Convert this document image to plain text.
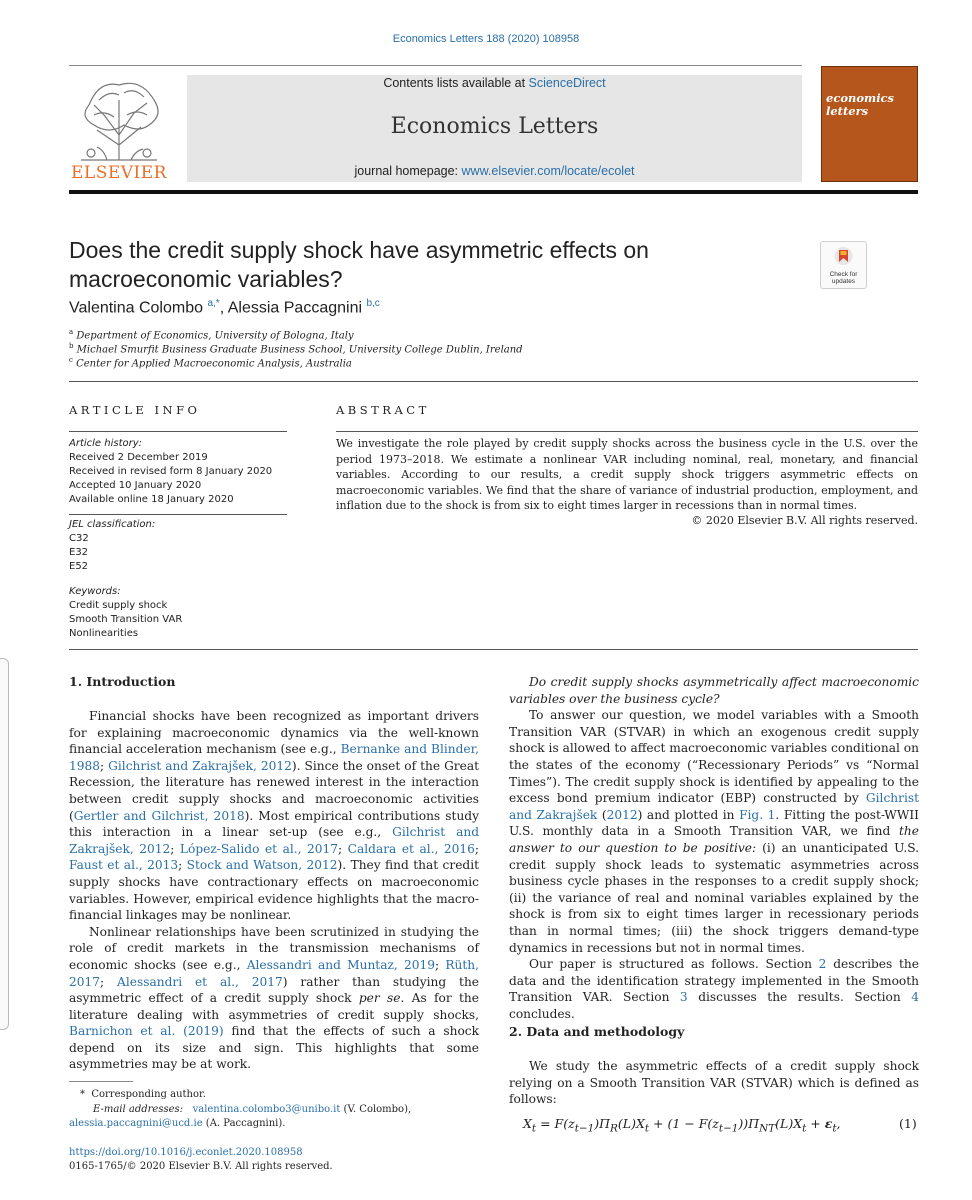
Economics Letters 188 (2020) 108958
ELSEVIER
Contents lists available at ScienceDirect
Economics Letters
journal homepage: www.elsevier.com/locate/ecolet
economics
letters
Does the credit supply shock have asymmetric effects on
macroeconomic variables?	Check for
updates
Valentina Colombo $^{a,*}$, Alessia Paccagnini $^{b,c}$
$^a$ Department of Economics, University of Bologna, Italy
$^b$ Michael Smurfit Business Graduate Business School, University College Dublin, Ireland
$^c$ Center for Applied Macroeconomic Analysis, Australia
ARTICLE INFO
Article history:
Received 2 December 2019
Received in revised form 8 January 2020
Accepted 10 January 2020
Available online 18 January 2020
JEL classification:
C32
E32
E52
Keywords:
Credit supply shock
Smooth Transition VAR
Nonlinearities
ABSTRACT
We investigate the role played by credit supply shocks across the business cycle in the U.S. over the period 1973–2018. We estimate a nonlinear VAR including nominal, real, monetary, and financial variables. According to our results, a credit supply shock triggers asymmetric effects on macroeconomic variables. We find that the share of variance of industrial production, employment, and inflation due to the shock is from six to eight times larger in recessions than in normal times.
© 2020 Elsevier B.V. All rights reserved.
1. Introduction

Financial shocks have been recognized as important drivers for explaining macroeconomic dynamics via the well-known financial acceleration mechanism (see e.g., Bernanke and Blinder, 1988; Gilchrist and Zakrajšek, 2012). Since the onset of the Great Recession, the literature has renewed interest in the interaction between credit supply shocks and macroeconomic activities (Gertler and Gilchrist, 2018). Most empirical contributions study this interaction in a linear set-up (see e.g., Gilchrist and Zakrajšek, 2012; López-Salido et al., 2017; Caldara et al., 2016; Faust et al., 2013; Stock and Watson, 2012). They find that credit supply shocks have contractionary effects on macroeconomic variables. However, empirical evidence highlights that the macro-financial linkages may be nonlinear.

Nonlinear relationships have been scrutinized in studying the role of credit markets in the transmission mechanisms of economic shocks (see e.g., Alessandri and Muntaz, 2019; Rüth, 2017; Alessandri et al., 2017) rather than studying the asymmetric effect of a credit supply shock per se. As for the literature dealing with asymmetries of credit supply shocks, Barnichon et al. (2019) find that the effects of such a shock depend on its size and sign. This highlights that some asymmetries may be at work.

Do credit supply shocks asymmetrically affect macroeconomic variables over the business cycle?

To answer our question, we model variables with a Smooth Transition VAR (STVAR) in which an exogenous credit supply shock is allowed to affect macroeconomic variables conditional on the states of the economy (“Recessionary Periods” vs “Normal Times”). The credit supply shock is identified by appealing to the excess bond premium indicator (EBP) constructed by Gilchrist and Zakrajšek (2012) and plotted in Fig. 1. Fitting the post-WWII U.S. monthly data in a Smooth Transition VAR, we find the answer to our question to be positive: (i) an unanticipated U.S. credit supply shock leads to systematic asymmetries across business cycle phases in the responses to a credit supply shock; (ii) the variance of real and nominal variables explained by the shock is from six to eight times larger in recessionary periods than in normal times; (iii) the shock triggers demand-type dynamics in recessions but not in normal times.

Our paper is structured as follows. Section 2 describes the data and the identification strategy implemented in the Smooth Transition VAR. Section 3 discusses the results. Section 4 concludes.

2. Data and methodology

We study the asymmetric effects of a credit supply shock relying on a Smooth Transition VAR (STVAR) which is defined as follows:

$X_t = F(z_{t-1})\Pi_R(L)X_t + (1 - F(z_{t-1}))\Pi_{NT}(L)X_t + \varepsilon_t$,	(1)
* Corresponding author.
E-mail addresses: valentina.colombo3@unibo.it (V. Colombo),
alessia.paccagnini@ucd.ie (A. Paccagnini).
https://doi.org/10.1016/j.econlet.2020.108958
0165-1765/© 2020 Elsevier B.V. All rights reserved.
